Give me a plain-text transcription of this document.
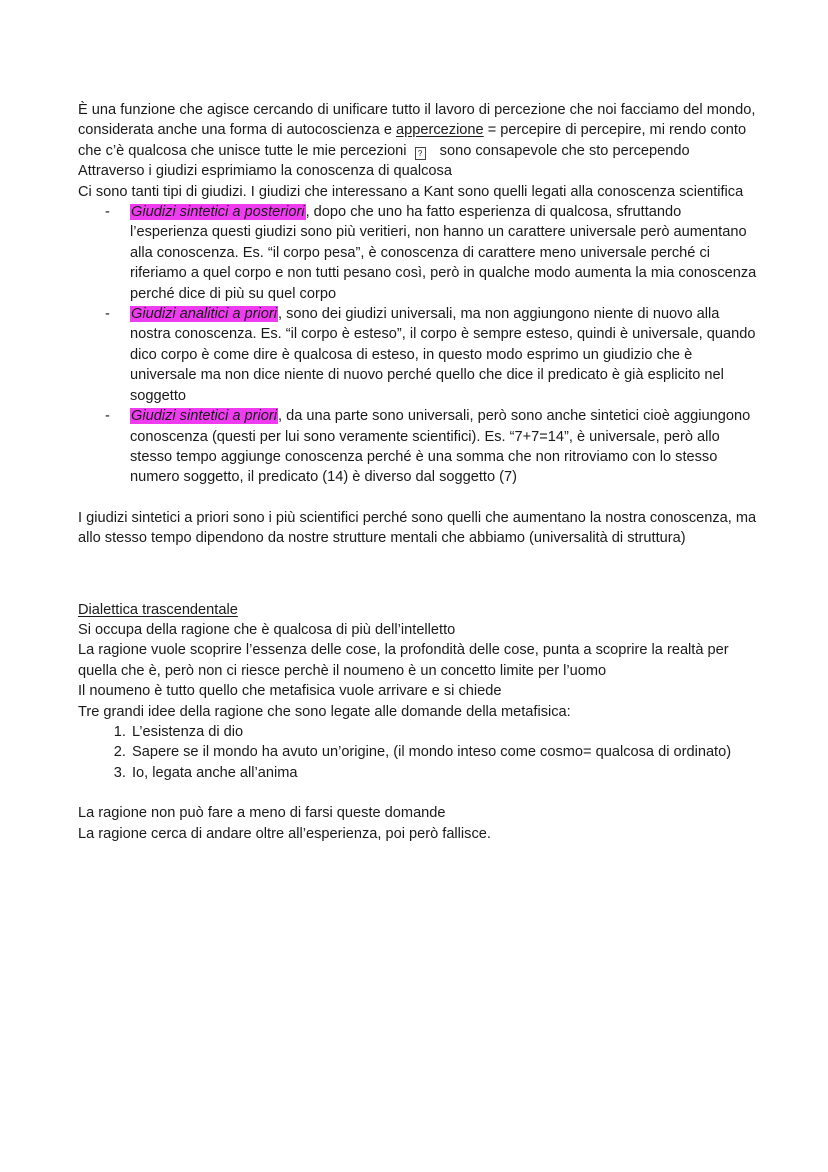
È una funzione che agisce cercando di unificare tutto il lavoro di percezione che noi facciamo del mondo, considerata anche una forma di autocoscienza e appercezione = percepire di percepire, mi rendo conto che c’è qualcosa che unisce tutte le mie percezioni ? sono consapevole che sto percependo

Attraverso i giudizi esprimiamo la conoscenza di qualcosa

Ci sono tanti tipi di giudizi. I giudizi che interessano a Kant sono quelli legati alla conoscenza scientifica

- Giudizi sintetici a posteriori, dopo che uno ha fatto esperienza di qualcosa, sfruttando l’esperienza questi giudizi sono più veritieri, non hanno un carattere universale però aumentano alla conoscenza. Es. “il corpo pesa”, è conoscenza di carattere meno universale perché ci riferiamo a quel corpo e non tutti pesano così, però in qualche modo aumenta la mia conoscenza perché dice di più su quel corpo
- Giudizi analitici a priori, sono dei giudizi universali, ma non aggiungono niente di nuovo alla nostra conoscenza. Es. “il corpo è esteso”, il corpo è sempre esteso, quindi è universale, quando dico corpo è come dire è qualcosa di esteso, in questo modo esprimo un giudizio che è universale ma non dice niente di nuovo perché quello che dice il predicato è già esplicito nel soggetto
- Giudizi sintetici a priori, da una parte sono universali, però sono anche sintetici cioè aggiungono conoscenza (questi per lui sono veramente scientifici). Es. “7+7=14”, è universale, però allo stesso tempo aggiunge conoscenza perché è una somma che non ritroviamo con lo stesso numero soggetto, il predicato (14) è diverso dal soggetto (7)

I giudizi sintetici a priori sono i più scientifici perché sono quelli che aumentano la nostra conoscenza, ma allo stesso tempo dipendono da nostre strutture mentali che abbiamo (universalità di struttura)

Dialettica trascendentale

Si occupa della ragione che è qualcosa di più dell’intelletto

La ragione vuole scoprire l’essenza delle cose, la profondità delle cose, punta a scoprire la realtà per quella che è, però non ci riesce perchè il noumeno è un concetto limite per l’uomo

Il noumeno è tutto quello che metafisica vuole arrivare e si chiede

Tre grandi idee della ragione che sono legate alle domande della metafisica:

1. L’esistenza di dio
2. Sapere se il mondo ha avuto un’origine, (il mondo inteso come cosmo= qualcosa di ordinato)
3. Io, legata anche all’anima

La ragione non può fare a meno di farsi queste domande

La ragione cerca di andare oltre all’esperienza, poi però fallisce.
